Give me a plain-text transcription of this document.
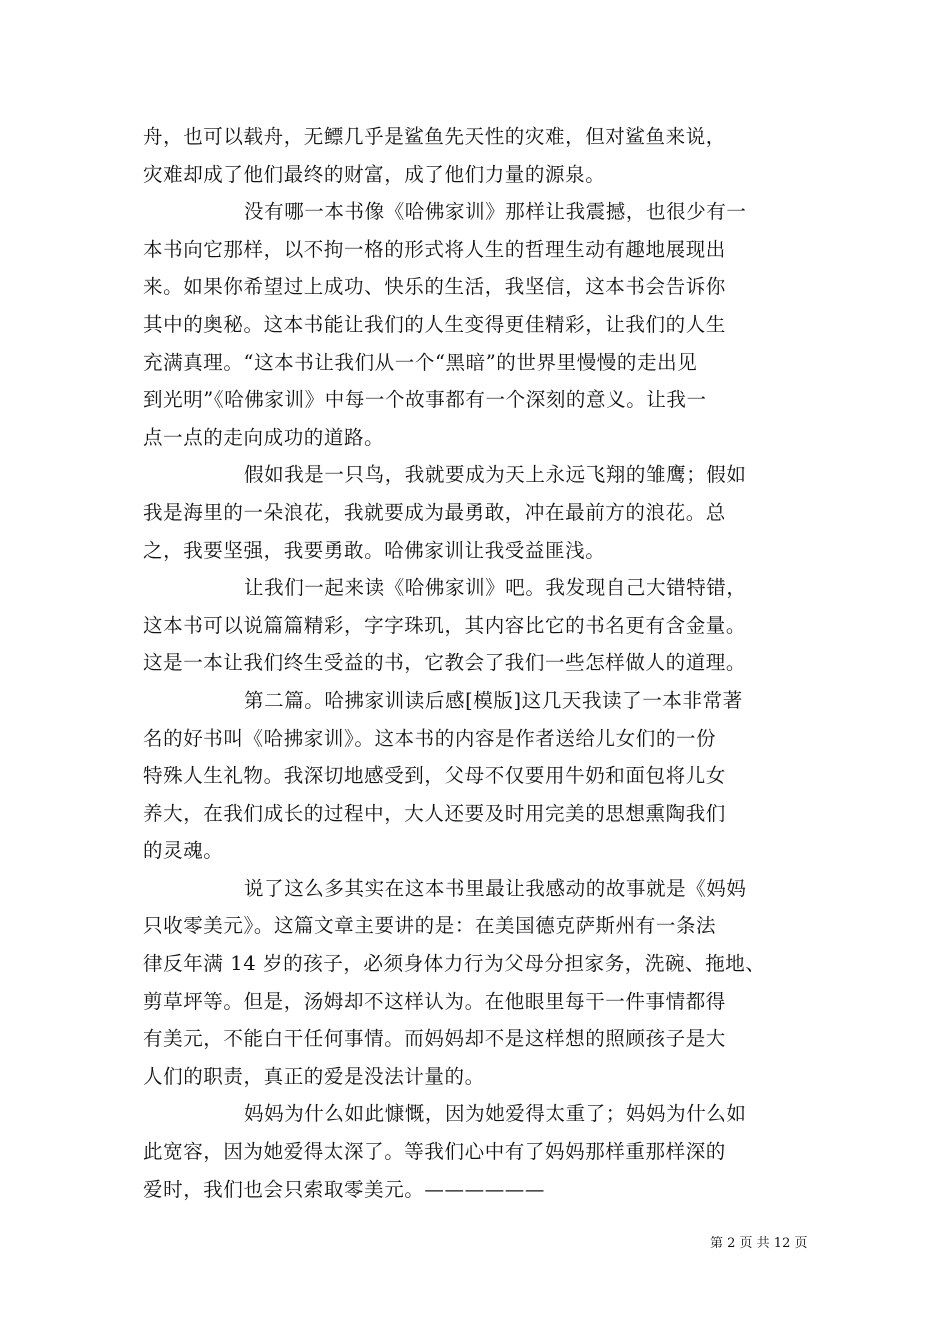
舟，也可以载舟，无鳔几乎是鲨鱼先天性的灾难，但对鲨鱼来说，
灾难却成了他们最终的财富，成了他们力量的源泉。
没有哪一本书像《哈佛家训》那样让我震撼，也很少有一
本书向它那样，以不拘一格的形式将人生的哲理生动有趣地展现出
来。如果你希望过上成功、快乐的生活，我坚信，这本书会告诉你
其中的奥秘。这本书能让我们的人生变得更佳精彩，让我们的人生
充满真理。“这本书让我们从一个“黑暗”的世界里慢慢的走出见
到光明”《哈佛家训》中每一个故事都有一个深刻的意义。让我一
点一点的走向成功的道路。
假如我是一只鸟，我就要成为天上永远飞翔的雏鹰；假如
我是海里的一朵浪花，我就要成为最勇敢，冲在最前方的浪花。总
之，我要坚强，我要勇敢。哈佛家训让我受益匪浅。
让我们一起来读《哈佛家训》吧。我发现自己大错特错，
这本书可以说篇篇精彩，字字珠玑，其内容比它的书名更有含金量。
这是一本让我们终生受益的书，它教会了我们一些怎样做人的道理。
第二篇。哈拂家训读后感[模版]这几天我读了一本非常著
名的好书叫《哈拂家训》。这本书的内容是作者送给儿女们的一份
特殊人生礼物。我深切地感受到，父母不仅要用牛奶和面包将儿女
养大，在我们成长的过程中，大人还要及时用完美的思想熏陶我们
的灵魂。
说了这么多其实在这本书里最让我感动的故事就是《妈妈
只收零美元》。这篇文章主要讲的是：在美国德克萨斯州有一条法
律反年满 14 岁的孩子，必须身体力行为父母分担家务，洗碗、拖地、
剪草坪等。但是，汤姆却不这样认为。在他眼里每干一件事情都得
有美元，不能白干任何事情。而妈妈却不是这样想的照顾孩子是大
人们的职责，真正的爱是没法计量的。
妈妈为什么如此慷慨，因为她爱得太重了；妈妈为什么如
此宽容，因为她爱得太深了。等我们心中有了妈妈那样重那样深的
爱时，我们也会只索取零美元。——————
第 2 页 共 12 页
